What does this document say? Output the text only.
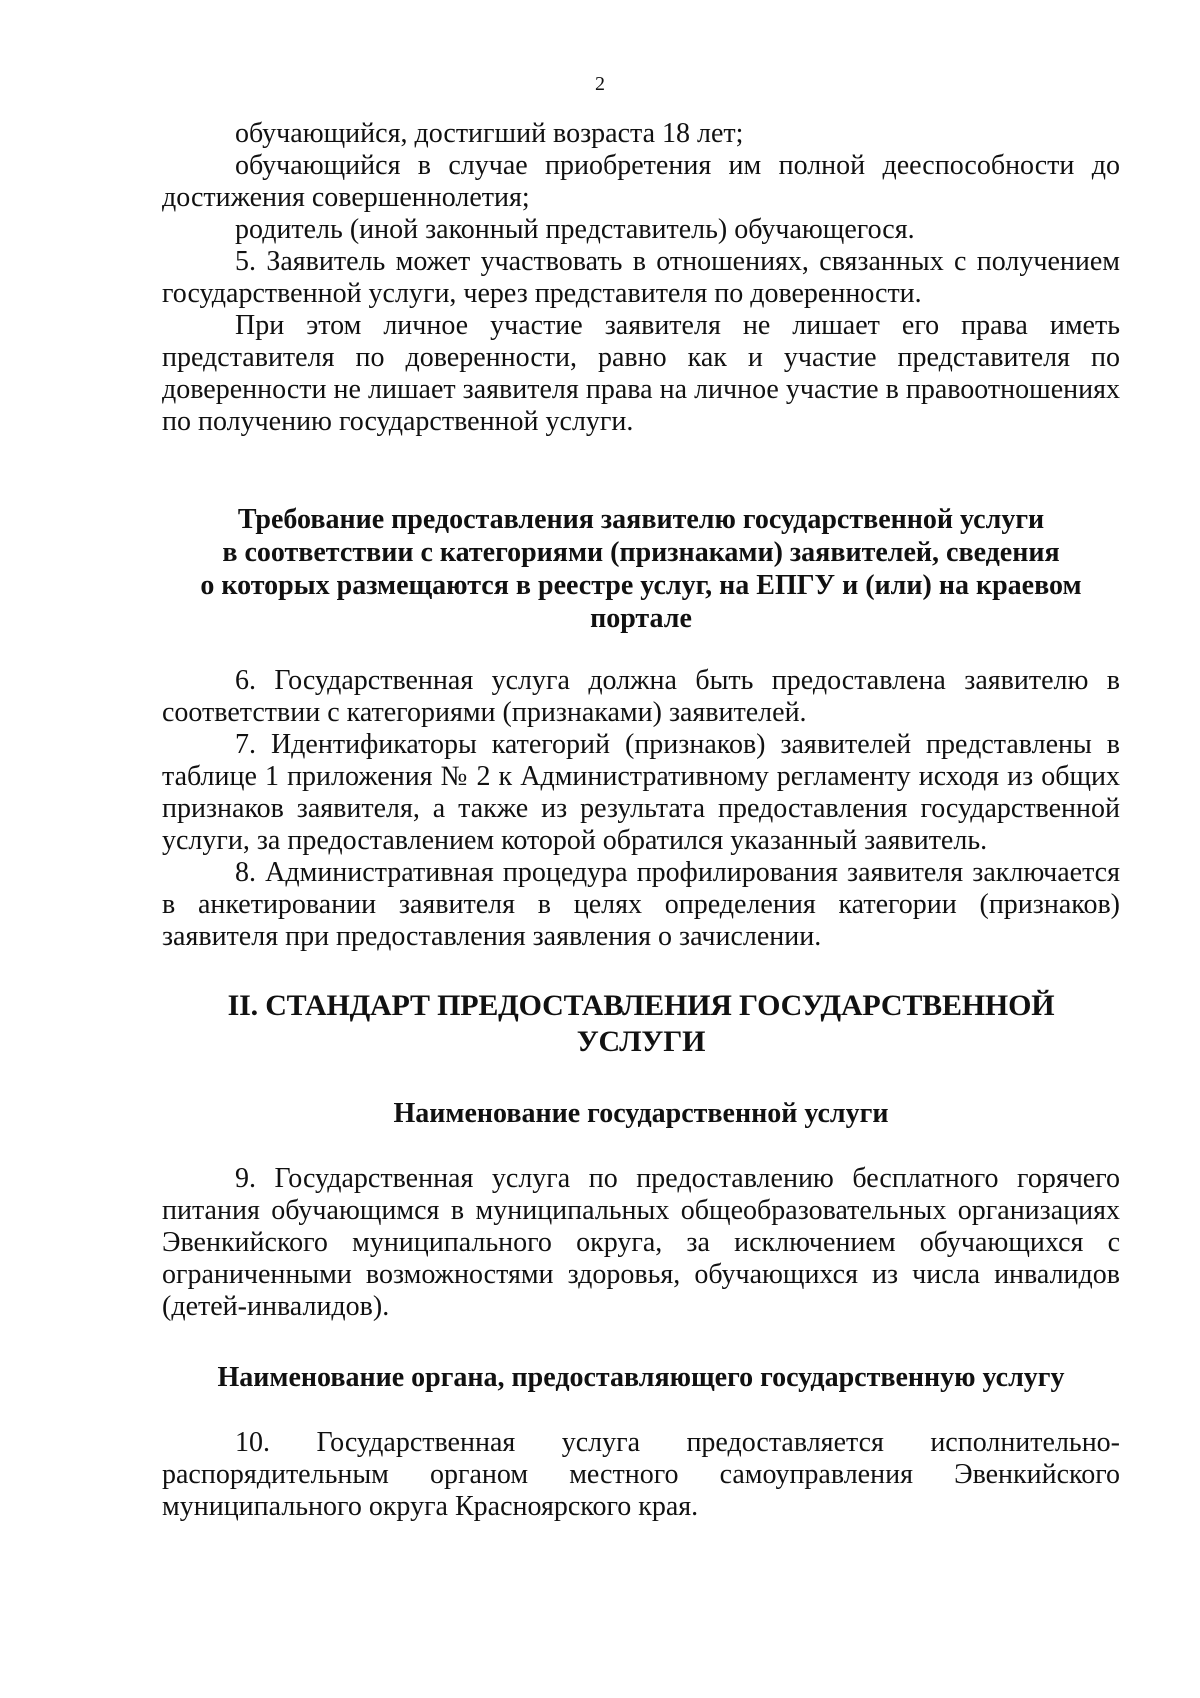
2

обучающийся, достигший возраста 18 лет;

обучающийся в случае приобретения им полной дееспособности до достижения совершеннолетия;

родитель (иной законный представитель) обучающегося.

5. Заявитель может участвовать в отношениях, связанных с получением государственной услуги, через представителя по доверенности.

При этом личное участие заявителя не лишает его права иметь представителя по доверенности, равно как и участие представителя по доверенности не лишает заявителя права на личное участие в правоотношениях по получению государственной услуги.

Требование предоставления заявителю государственной услуги

в соответствии с категориями (признаками) заявителей, сведения

о которых размещаются в реестре услуг, на ЕПГУ и (или) на краевом

портале

6. Государственная услуга должна быть предоставлена заявителю в соответствии с категориями (признаками) заявителей.

7. Идентификаторы категорий (признаков) заявителей представлены в таблице 1 приложения № 2 к Административному регламенту исходя из общих признаков заявителя, а также из результата предоставления государственной услуги, за предоставлением которой обратился указанный заявитель.

8. Административная процедура профилирования заявителя заключается в анкетировании заявителя в целях определения категории (признаков) заявителя при предоставления заявления о зачислении.

II. СТАНДАРТ ПРЕДОСТАВЛЕНИЯ ГОСУДАРСТВЕННОЙ УСЛУГИ

Наименование государственной услуги

9. Государственная услуга по предоставлению бесплатного горячего питания обучающимся в муниципальных общеобразовательных организациях Эвенкийского муниципального округа, за исключением обучающихся с ограниченными возможностями здоровья, обучающихся из числа инвалидов (детей-инвалидов).

Наименование органа, предоставляющего государственную услугу

10. Государственная услуга предоставляется исполнительно-распорядительным органом местного самоуправления Эвенкийского муниципального округа Красноярского края.
